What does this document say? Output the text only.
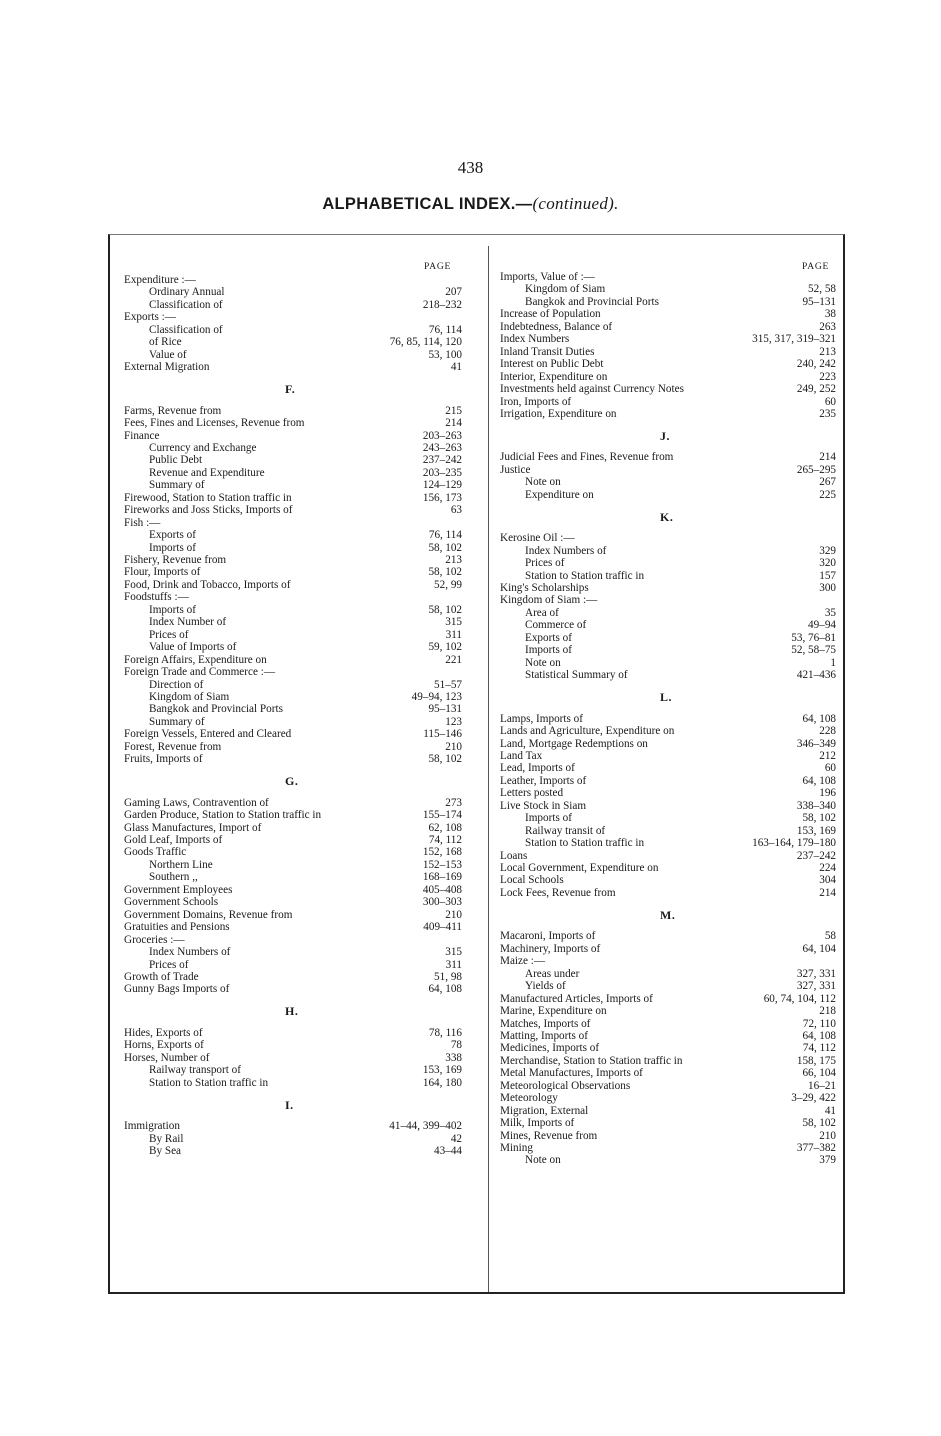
438
ALPHABETICAL INDEX.—(continued).
PAGE	PAGE
Expenditure :—
Ordinary Annual	207
Classification of	218–232
Exports :—
Classification of	76, 114
of Rice	76, 85, 114, 120
Value of	53, 100
External Migration	41
F.
Farms, Revenue from	215
Fees, Fines and Licenses, Revenue from	214
Finance	203–263
Currency and Exchange	243–263
Public Debt	237–242
Revenue and Expenditure	203–235
Summary of	124–129
Firewood, Station to Station traffic in	156, 173
Fireworks and Joss Sticks, Imports of	63
Fish :—
Exports of	76, 114
Imports of	58, 102
Fishery, Revenue from	213
Flour, Imports of	58, 102
Food, Drink and Tobacco, Imports of	52, 99
Foodstuffs :—
Imports of	58, 102
Index Number of	315
Prices of	311
Value of Imports of	59, 102
Foreign Affairs, Expenditure on	221
Foreign Trade and Commerce :—
Direction of	51–57
Kingdom of Siam	49–94, 123
Bangkok and Provincial Ports	95–131
Summary of	123
Foreign Vessels, Entered and Cleared	115–146
Forest, Revenue from	210
Fruits, Imports of	58, 102
G.
Gaming Laws, Contravention of	273
Garden Produce, Station to Station traffic in	155–174
Glass Manufactures, Import of	62, 108
Gold Leaf, Imports of	74, 112
Goods Traffic	152, 168
Northern Line	152–153
Southern ,,	168–169
Government Employees	405–408
Government Schools	300–303
Government Domains, Revenue from	210
Gratuities and Pensions	409–411
Groceries :—
Index Numbers of	315
Prices of	311
Growth of Trade	51, 98
Gunny Bags Imports of	64, 108
H.
Hides, Exports of	78, 116
Horns, Exports of	78
Horses, Number of	338
Railway transport of	153, 169
Station to Station traffic in	164, 180
I.
Immigration	41–44, 399–402
By Rail	42
By Sea	43–44
Imports, Value of :—
Kingdom of Siam	52, 58
Bangkok and Provincial Ports	95–131
Increase of Population	38
Indebtedness, Balance of	263
Index Numbers	315, 317, 319–321
Inland Transit Duties	213
Interest on Public Debt	240, 242
Interior, Expenditure on	223
Investments held against Currency Notes	249, 252
Iron, Imports of	60
Irrigation, Expenditure on	235
J.
Judicial Fees and Fines, Revenue from	214
Justice	265–295
Note on	267
Expenditure on	225
K.
Kerosine Oil :—
Index Numbers of	329
Prices of	320
Station to Station traffic in	157
King's Scholarships	300
Kingdom of Siam :—
Area of	35
Commerce of	49–94
Exports of	53, 76–81
Imports of	52, 58–75
Note on	1
Statistical Summary of	421–436
L.
Lamps, Imports of	64, 108
Lands and Agriculture, Expenditure on	228
Land, Mortgage Redemptions on	346–349
Land Tax	212
Lead, Imports of	60
Leather, Imports of	64, 108
Letters posted	196
Live Stock in Siam	338–340
Imports of	58, 102
Railway transit of	153, 169
Station to Station traffic in	163–164, 179–180
Loans	237–242
Local Government, Expenditure on	224
Local Schools	304
Lock Fees, Revenue from	214
M.
Macaroni, Imports of	58
Machinery, Imports of	64, 104
Maize :—
Areas under	327, 331
Yields of	327, 331
Manufactured Articles, Imports of	60, 74, 104, 112
Marine, Expenditure on	218
Matches, Imports of	72, 110
Matting, Imports of	64, 108
Medicines, Imports of	74, 112
Merchandise, Station to Station traffic in	158, 175
Metal Manufactures, Imports of	66, 104
Meteorological Observations	16–21
Meteorology	3–29, 422
Migration, External	41
Milk, Imports of	58, 102
Mines, Revenue from	210
Mining	377–382
Note on	379
